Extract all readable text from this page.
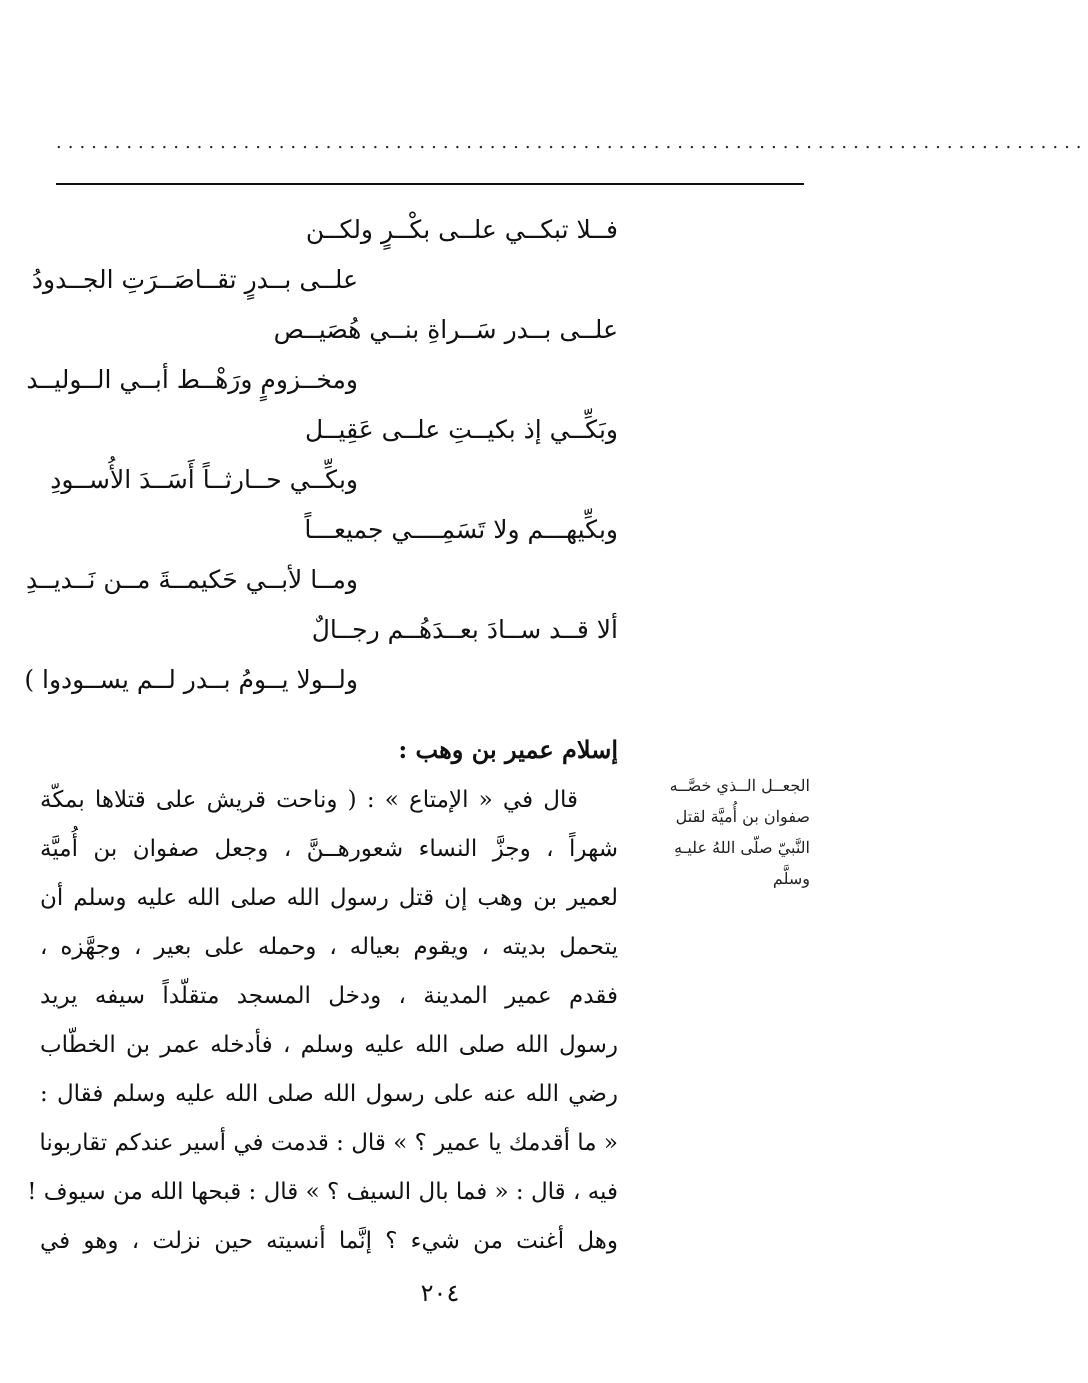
........................................................................................
فــلا تبكــي علــى بكْــرٍ ولكــن
علــى بــدرٍ تقــاصَــرَتِ الجــدودُ
علــى بــدر سَــراةِ بنــي هُصَيــص
ومخــزومٍ ورَهْــط أبــي الــوليــد
وبَكِّــي إذ بكيــتِ علــى عَقِيــل
وبكِّــي حــارثــاً أَسَــدَ الأُســودِ
وبكِّيهـــم ولا تَسَمِــــي جميعـــاً
ومــا لأبــي حَكيمــةَ مــن نَــديــدِ
ألا قــد ســادَ بعــدَهُــم رجــالٌ
ولــولا يــومُ بــدر لــم يســودوا )
إسلام عمير بن وهب :
قال في « الإمتاع » : ( وناحت قريش على قتلاها بمكّة
شهراً ، وجزَّ النساء شعورهــنَّ ، وجعل صفوان بن أُميَّة
لعمير بن وهب إن قتل رسول الله صلى الله عليه وسلم أن
يتحمل بديته ، ويقوم بعياله ، وحمله على بعير ، وجهَّزه ،
فقدم عمير المدينة ، ودخل المسجد متقلّداً سيفه يريد
رسول الله صلى الله عليه وسلم ، فأدخله عمر بن الخطّاب
رضي الله عنه على رسول الله صلى الله عليه وسلم فقال :
« ما أقدمك يا عمير ؟ » قال : قدمت في أسير عندكم تقاربونا
فيه ، قال : « فما بال السيف ؟ » قال : قبحها الله من سيوف !
وهل أغنت من شيء ؟ إنَّما أنسيته حين نزلت ، وهو في
الجعــل الــذي خصَّــه
صفوان بن أُميَّة لقتل
النَّبيّ صلّى اللهُ عليـهِ
وسلَّم
٢٠٤
